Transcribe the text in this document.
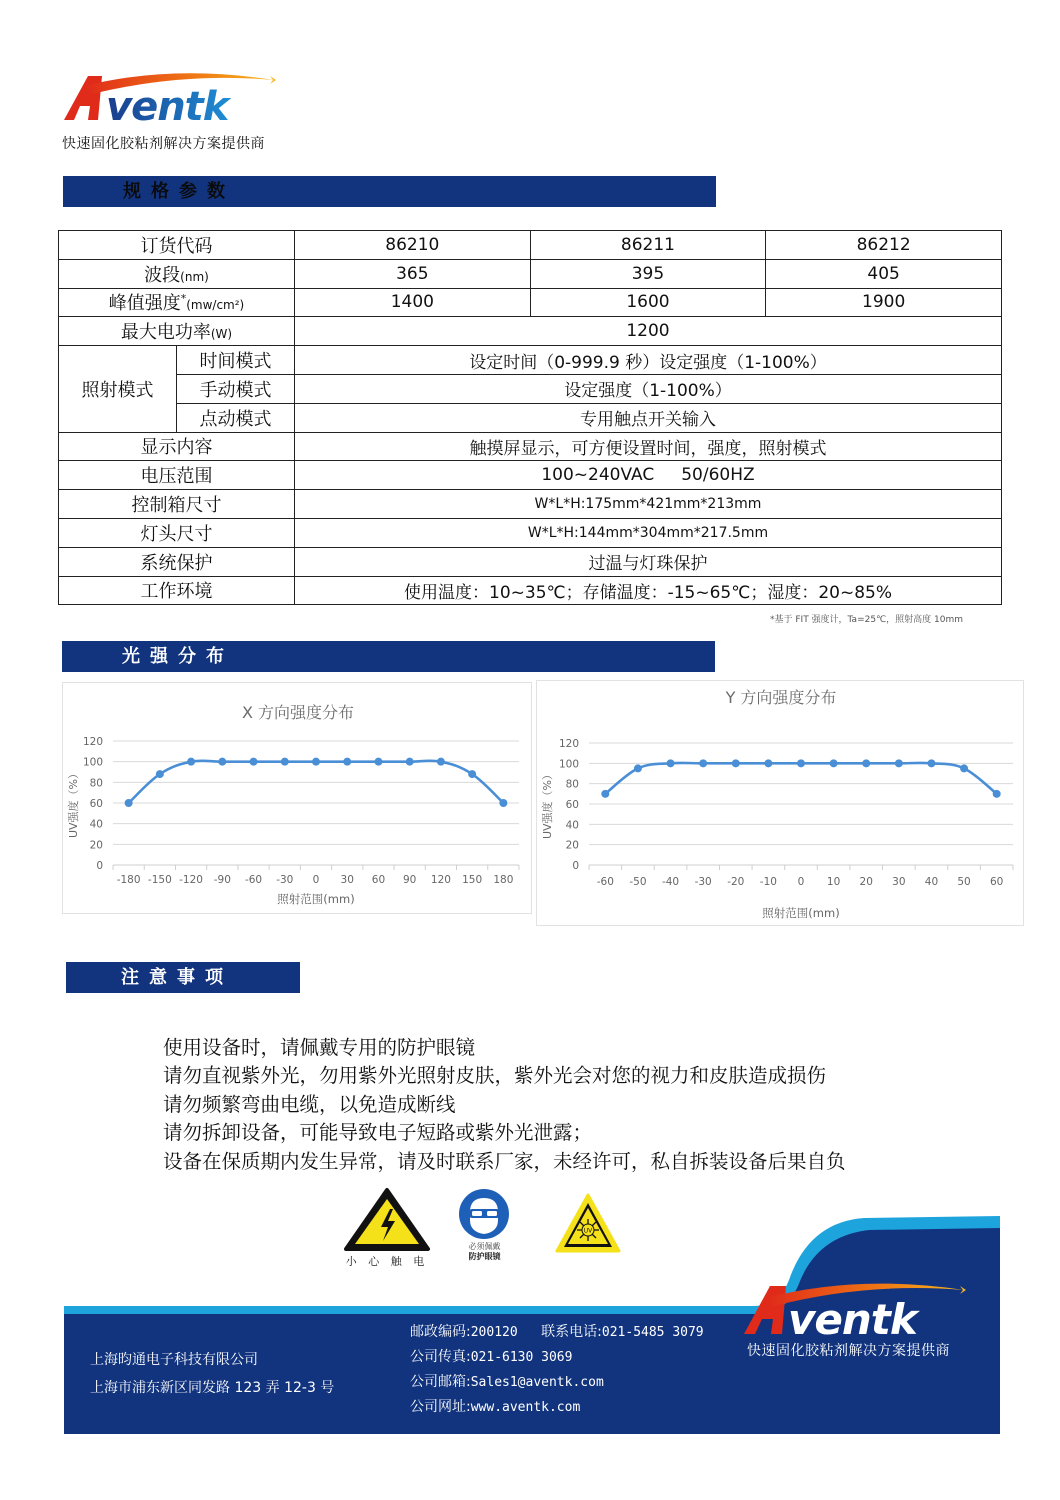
ventk
快速固化胶粘剂解决方案提供商
规格参数
订货代码		86210	86211	86212
波段(nm)		365	395	405
峰值强度*(mw/cm²)		1400	1600	1900
最大电功率(W)		1200		
照射模式	时间模式	设定时间（0-999.9 秒）设定强度（1-100%）		
	手动模式	设定强度（1-100%）		
	点动模式	专用触点开关输入		
显示内容		触摸屏显示，可方便设置时间，强度，照射模式		
电压范围		100~240VAC     50/60HZ		
控制箱尺寸		W*L*H:175mm*421mm*213mm		
灯头尺寸		W*L*H:144mm*304mm*217.5mm		
系统保护		过温与灯珠保护		
工作环境		使用温度：10~35℃；存储温度：-15~65℃；湿度：20~85%		
*基于 FIT 强度计，Ta=25℃，照射高度 10mm
光强分布
X 方向强度分布
0
20
40
60
80
100
120
-180 -150 -120 -90 -60 -30 0 30 60 90 120 150 180
照射范围(mm)
UV强度（%）
Y 方向强度分布
0
20
40
60
80
100
120
-60 -50 -40 -30 -20 -10 0 10 20 30 40 50 60
照射范围(mm)
UV强度（%）
注意事项
使用设备时，请佩戴专用的防护眼镜
请勿直视紫外光，勿用紫外光照射皮肤，紫外光会对您的视力和皮肤造成损伤
请勿频繁弯曲电缆，以免造成断线
请勿拆卸设备，可能导致电子短路或紫外光泄露；
设备在保质期内发生异常，请及时联系厂家，未经许可，私自拆装设备后果自负
小 心 触 电
必须佩戴
防护眼镜
UV
上海昀通电子科技有限公司
上海市浦东新区同发路 123 弄 12-3 号
邮政编码:200120 联系电话:021-5485 3079
公司传真:021-6130 3069
公司邮箱:Sales1@aventk.com
公司网址:www.aventk.com
ventk
快速固化胶粘剂解决方案提供商
